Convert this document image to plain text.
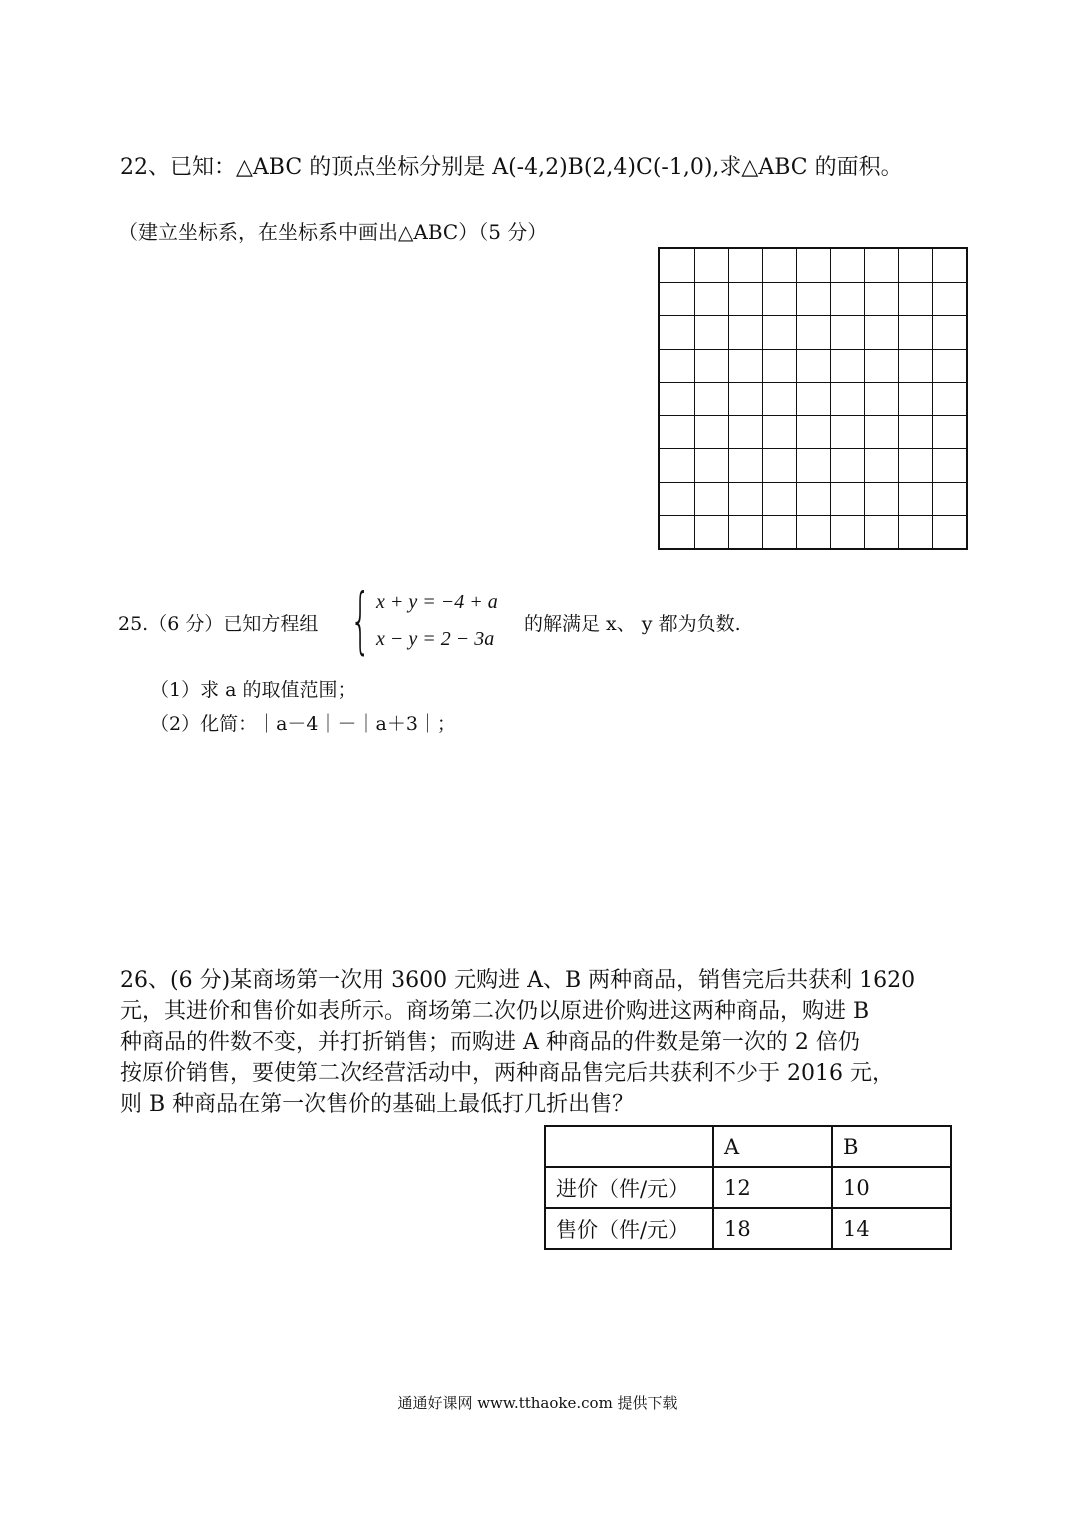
22、已知：△ABC 的顶点坐标分别是 A(-4,2)B(2,4)C(-1,0),求△ABC 的面积。
（建立坐标系，在坐标系中画出△ABC）（5 分）
25.（6 分）已知方程组 { x + y = −4 + a
x − y = 2 − 3a
的解满足 x、 y 都为负数.
（1）求 a 的取值范围；
（2）化简：｜a－4｜－｜a＋3｜；

26、(6 分)某商场第一次用 3600 元购进 A、B 两种商品，销售完后共获利 1620

元，其进价和售价如表所示。商场第二次仍以原进价购进这两种商品，购进 B

种商品的件数不变，并打折销售；而购进 A 种商品的件数是第一次的 2 倍仍

按原价销售，要使第二次经营活动中，两种商品售完后共获利不少于 2016 元，

则 B 种商品在第一次售价的基础上最低打几折出售？

	A	B
进价（件/元）	12	10
售价（件/元）	18	14
通通好课网 www.tthaoke.com 提供下载
